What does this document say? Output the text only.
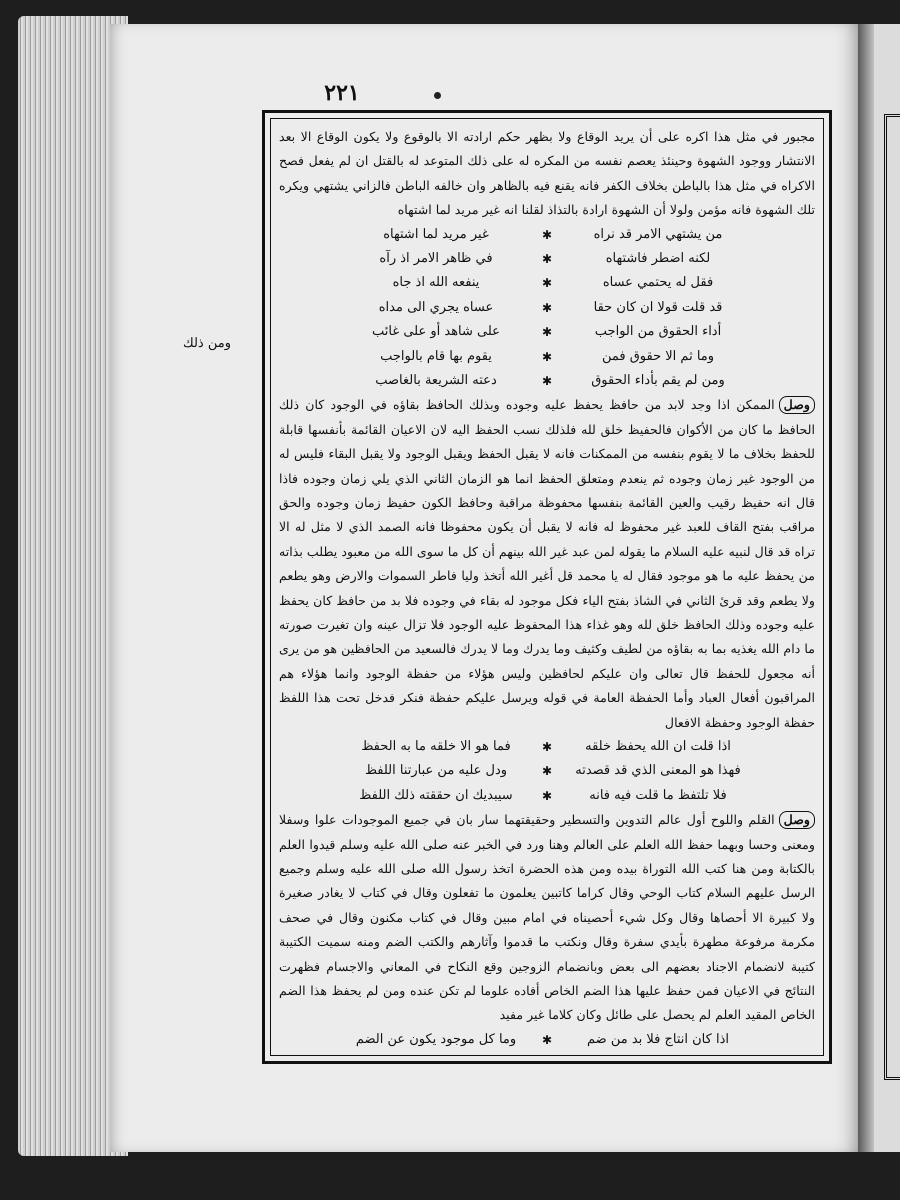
٢٢١
ومن ذلك

مجبور في مثل هذا اكره على أن يريد الوقاع ولا بظهر حكم ارادته الا بالوقوع ولا يكون الوقاع الا بعد الانتشار ووجود الشهوة وحينئذ يعصم نفسه من المكره له على ذلك المتوعد له بالقتل ان لم يفعل فصح الاكراه في مثل هذا بالباطن بخلاف الكفر فانه يقنع فيه بالظاهر وان خالفه الباطن فالزاني يشتهي ويكره تلك الشهوة فانه مؤمن ولولا أن الشهوة ارادة بالتذاذ لقلنا انه غير مريد لما اشتهاه

من يشتهي الامر قد نراه
✱
غير مريد لما اشتهاه
لكنه اضطر فاشتهاه
✱
في ظاهر الامر اذ رآه
فقل له يحتمي عساه
✱
ينفعه الله اذ جاه
قد قلت قولا ان كان حقا
✱
عساه يجري الى مداه
أداء الحقوق من الواجب
✱
على شاهد أو على غائب
وما ثم الا حقوق فمن
✱
يقوم بها قام بالواجب
ومن لم يقم بأداء الحقوق
✱
دعته الشريعة بالغاصب

وصلالممكن اذا وجد لابد من حافظ يحفظ عليه وجوده وبذلك الحافظ بقاؤه في الوجود كان ذلك الحافظ ما كان من الأكوان فالحفيظ خلق لله فلذلك نسب الحفظ اليه لان الاعيان القائمة بأنفسها قابلة للحفظ بخلاف ما لا يقوم بنفسه من الممكنات فانه لا يقبل الحفظ ويقبل الوجود ولا يقبل البقاء فليس له من الوجود غير زمان وجوده ثم ينعدم ومتعلق الحفظ انما هو الزمان الثاني الذي يلي زمان وجوده فاذا قال انه حفيظ رقيب والعين القائمة بنفسها محفوظة مراقبة وحافظ الكون حفيظ زمان وجوده والحق مراقب بفتح القاف للعبد غير محفوظ له فانه لا يقبل أن يكون محفوظا فانه الصمد الذي لا مثل له الا تراه قد قال لنبيه عليه السلام ما يقوله لمن عبد غير الله بينهم أن كل ما سوى الله من معبود يطلب بذاته من يحفظ عليه ما هو موجود فقال له يا محمد قل أغير الله أتخذ وليا فاطر السموات والارض وهو يطعم ولا يطعم وقد قرئ الثاني في الشاذ بفتح الياء فكل موجود له بقاء في وجوده فلا بد من حافظ كان يحفظ عليه وجوده وذلك الحافظ خلق لله وهو غذاء هذا المحفوظ عليه الوجود فلا تزال عينه وان تغيرت صورته ما دام الله يغذيه بما به بقاؤه من لطيف وكثيف وما يدرك وما لا يدرك فالسعيد من الحافظين هو من يرى أنه مجعول للحفظ قال تعالى وان عليكم لحافظين وليس هؤلاء من حفظة الوجود وانما هؤلاء هم المراقبون أفعال العباد وأما الحفظة العامة في قوله ويرسل عليكم حفظة فنكر فدخل تحت هذا اللفظ حفظة الوجود وحفظة الافعال

اذا قلت ان الله يحفظ خلقه
✱
فما هو الا خلقه ما به الحفظ
فهذا هو المعنى الذي قد قصدته
✱
ودل عليه من عبارتنا اللفظ
فلا تلتفظ ما قلت فيه فانه
✱
سيبديك ان حققته ذلك اللفظ

وصلالقلم واللوح أول عالم التدوين والتسطير وحقيقتهما سار بان في جميع الموجودات علوا وسفلا ومعنى وحسا وبهما حفظ الله العلم على العالم وهنا ورد في الخبر عنه صلى الله عليه وسلم قيدوا العلم بالكتابة ومن هنا كتب الله التوراة بيده ومن هذه الحضرة اتخذ رسول الله صلى الله عليه وسلم وجميع الرسل عليهم السلام كتاب الوحي وقال كراما كاتبين يعلمون ما تفعلون وقال في كتاب لا يغادر صغيرة ولا كبيرة الا أحصاها وقال وكل شيء أحصيناه في امام مبين وقال في كتاب مكنون وقال في صحف مكرمة مرفوعة مطهرة بأيدي سفرة وقال ونكتب ما قدموا وآثارهم والكتب الضم ومنه سميت الكتيبة كتيبة لانضمام الاجناد بعضهم الى بعض وبانضمام الزوجين وقع النكاح في المعاني والاجسام فظهرت النتائج في الاعيان فمن حفظ عليها هذا الضم الخاص أفاده علوما لم تكن عنده ومن لم يحفظ هذا الضم الخاص المقيد العلم لم يحصل على طائل وكان كلاما غير مفيد

اذا كان انتاج فلا بد من ضم
✱
وما كل موجود يكون عن الضم
